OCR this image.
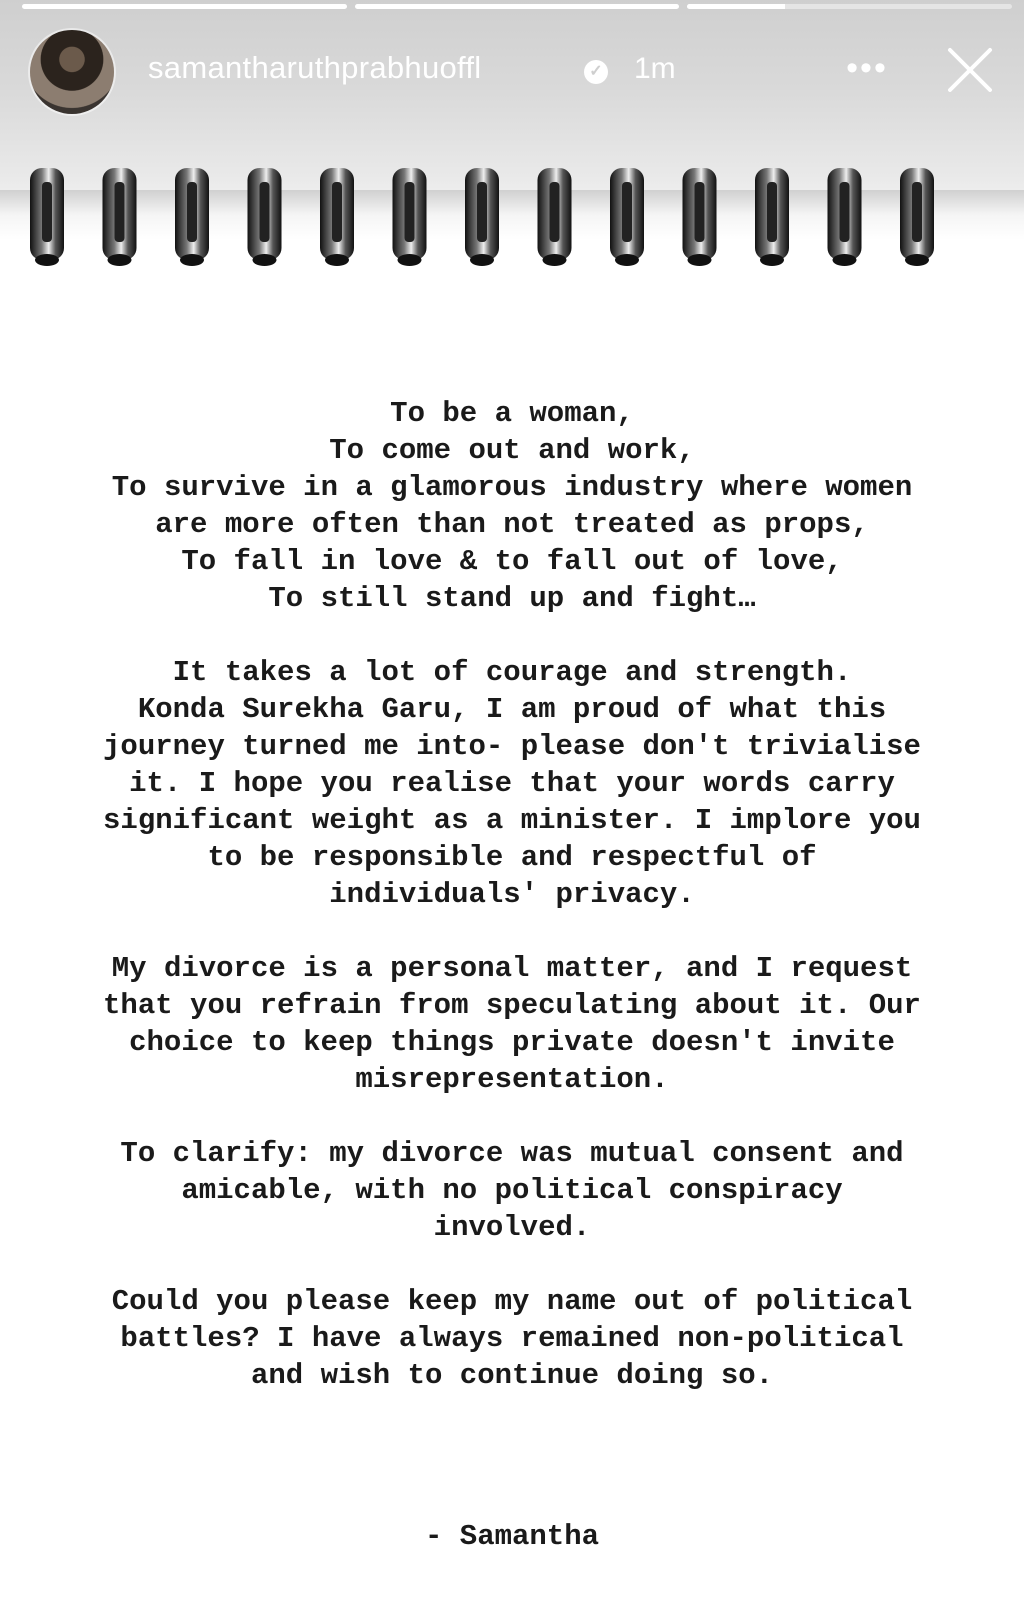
samantharuthprabhuoffl	✓ 1m	•••
To be a woman,
To come out and work,
To survive in a glamorous industry where women
are more often than not treated as props,
To fall in love & to fall out of love,
To still stand up and fight…
It takes a lot of courage and strength.
Konda Surekha Garu, I am proud of what this
journey turned me into- please don't trivialise
it. I hope you realise that your words carry
significant weight as a minister. I implore you
to be responsible and respectful of
individuals' privacy.
My divorce is a personal matter, and I request
that you refrain from speculating about it. Our
choice to keep things private doesn't invite
misrepresentation.
To clarify: my divorce was mutual consent and
amicable, with no political conspiracy
involved.
Could you please keep my name out of political
battles? I have always remained non-political
and wish to continue doing so.
- Samantha
